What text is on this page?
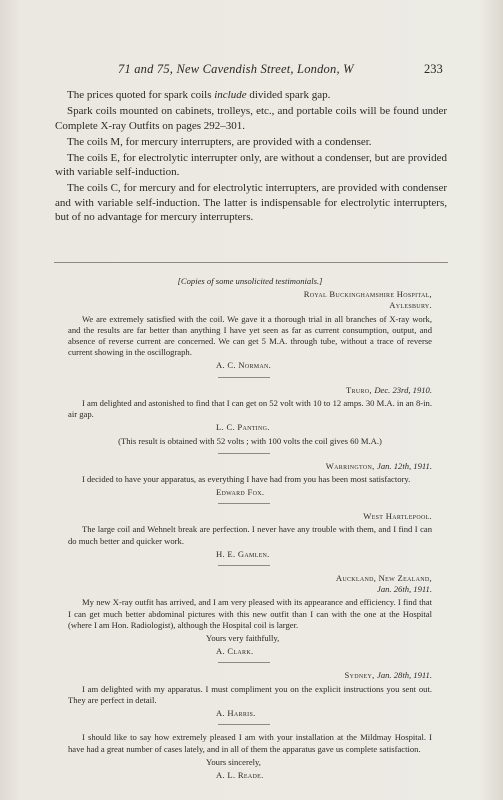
71 and 75, New Cavendish Street, London, W	233

The prices quoted for spark coils include divided spark gap.

Spark coils mounted on cabinets, trolleys, etc., and portable coils will be found under Complete X-ray Outfits on pages 292–301.

The coils M, for mercury interrupters, are provided with a condenser.

The coils E, for electrolytic interrupter only, are without a condenser, but are provided with variable self-induction.

The coils C, for mercury and for electrolytic interrupters, are provided with condenser and with variable self-induction. The latter is indispensable for electrolytic interrupters, but of no advantage for mercury interrupters.

[Copies of some unsolicited testimonials.]
Royal Buckinghamshire Hospital,
Aylesbury.
We are extremely satisfied with the coil. We gave it a thorough trial in all branches of X-ray work, and the results are far better than anything I have yet seen as far as current consumption, output, and absence of reverse current are concerned. We can get 5 M.A. through tube, without a trace of reverse current showing in the oscillograph.
A. C. Norman.
Truro, Dec. 23rd, 1910.
I am delighted and astonished to find that I can get on 52 volt with 10 to 12 amps. 30 M.A. in an 8-in. air gap.
L. C. Panting.
(This result is obtained with 52 volts ; with 100 volts the coil gives 60 M.A.)
Warrington, Jan. 12th, 1911.
I decided to have your apparatus, as everything I have had from you has been most satisfactory.
Edward Fox.
West Hartlepool.
The large coil and Wehnelt break are perfection. I never have any trouble with them, and I find I can do much better and quicker work.
H. E. Gamlen.
Auckland, New Zealand,
Jan. 26th, 1911.
My new X-ray outfit has arrived, and I am very pleased with its appearance and efficiency. I find that I can get much better abdominal pictures with this new outfit than I can with the one at the Hospital (where I am Hon. Radiologist), although the Hospital coil is larger.
Yours very faithfully,
A. Clark.
Sydney, Jan. 28th, 1911.
I am delighted with my apparatus. I must compliment you on the explicit instructions you sent out. They are perfect in detail.
A. Harris.
I should like to say how extremely pleased I am with your installation at the Mildmay Hospital. I have had a great number of cases lately, and in all of them the apparatus gave us complete satisfaction.
Yours sincerely,
A. L. Reade.
